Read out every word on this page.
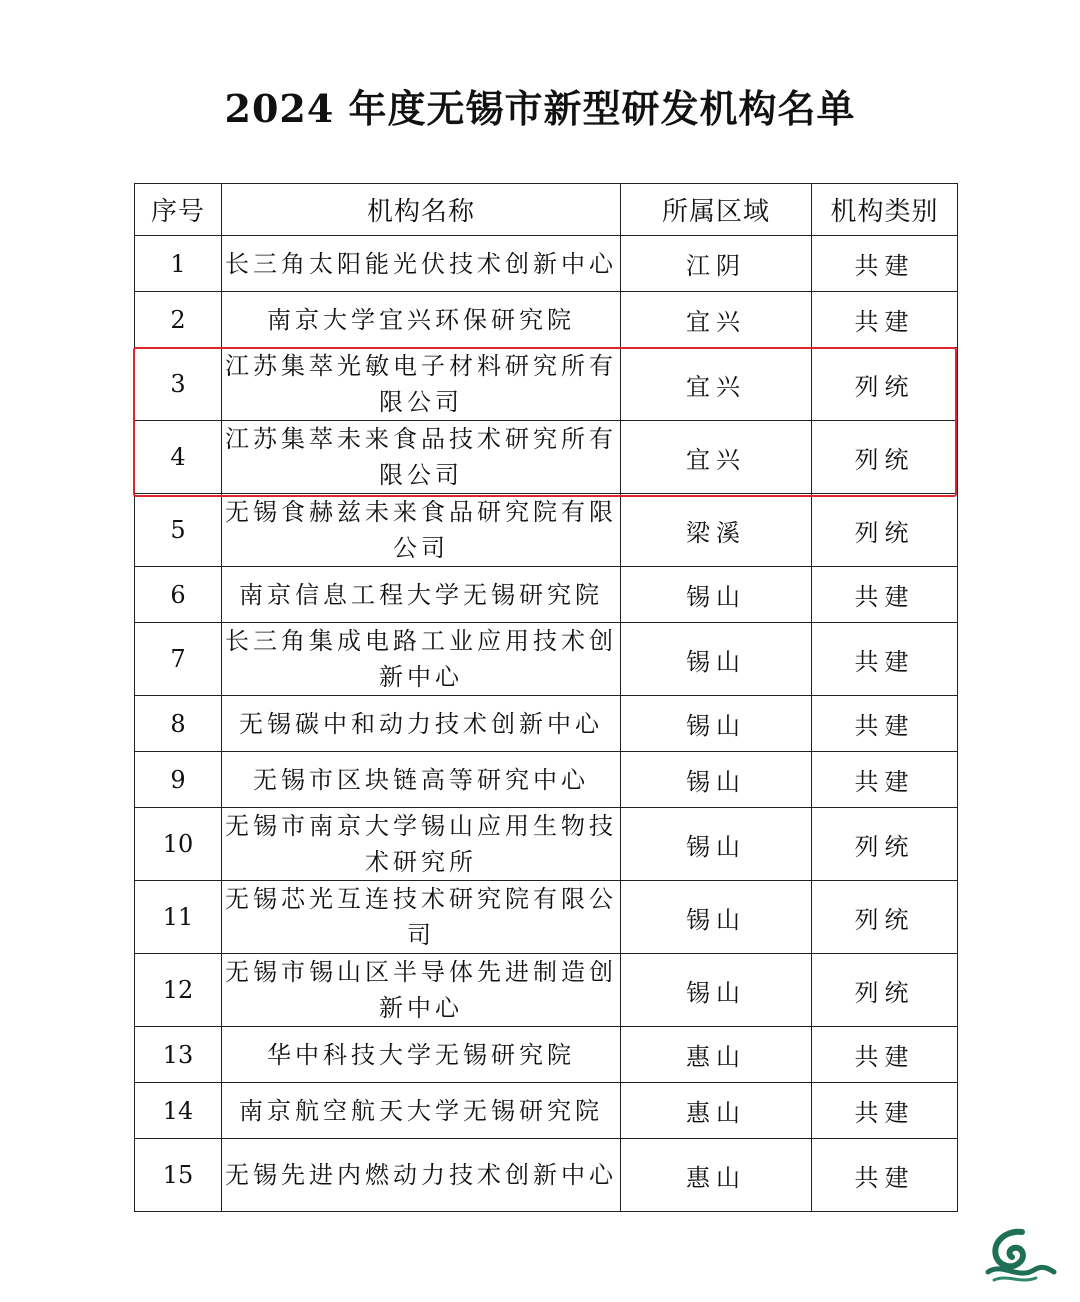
2024 年度无锡市新型研发机构名单
序号	机构名称	所属区域	机构类别
1	长三角太阳能光伏技术创新中心	江阴	共建
2	南京大学宜兴环保研究院	宜兴	共建
3	江苏集萃光敏电子材料研究所有限公司	宜兴	列统
4	江苏集萃未来食品技术研究所有限公司	宜兴	列统
5	无锡食赫兹未来食品研究院有限公司	梁溪	列统
6	南京信息工程大学无锡研究院	锡山	共建
7	长三角集成电路工业应用技术创新中心	锡山	共建
8	无锡碳中和动力技术创新中心	锡山	共建
9	无锡市区块链高等研究中心	锡山	共建
10	无锡市南京大学锡山应用生物技术研究所	锡山	列统
11	无锡芯光互连技术研究院有限公司	锡山	列统
12	无锡市锡山区半导体先进制造创新中心	锡山	列统
13	华中科技大学无锡研究院	惠山	共建
14	南京航空航天大学无锡研究院	惠山	共建
15	无锡先进内燃动力技术创新中心	惠山	共建
